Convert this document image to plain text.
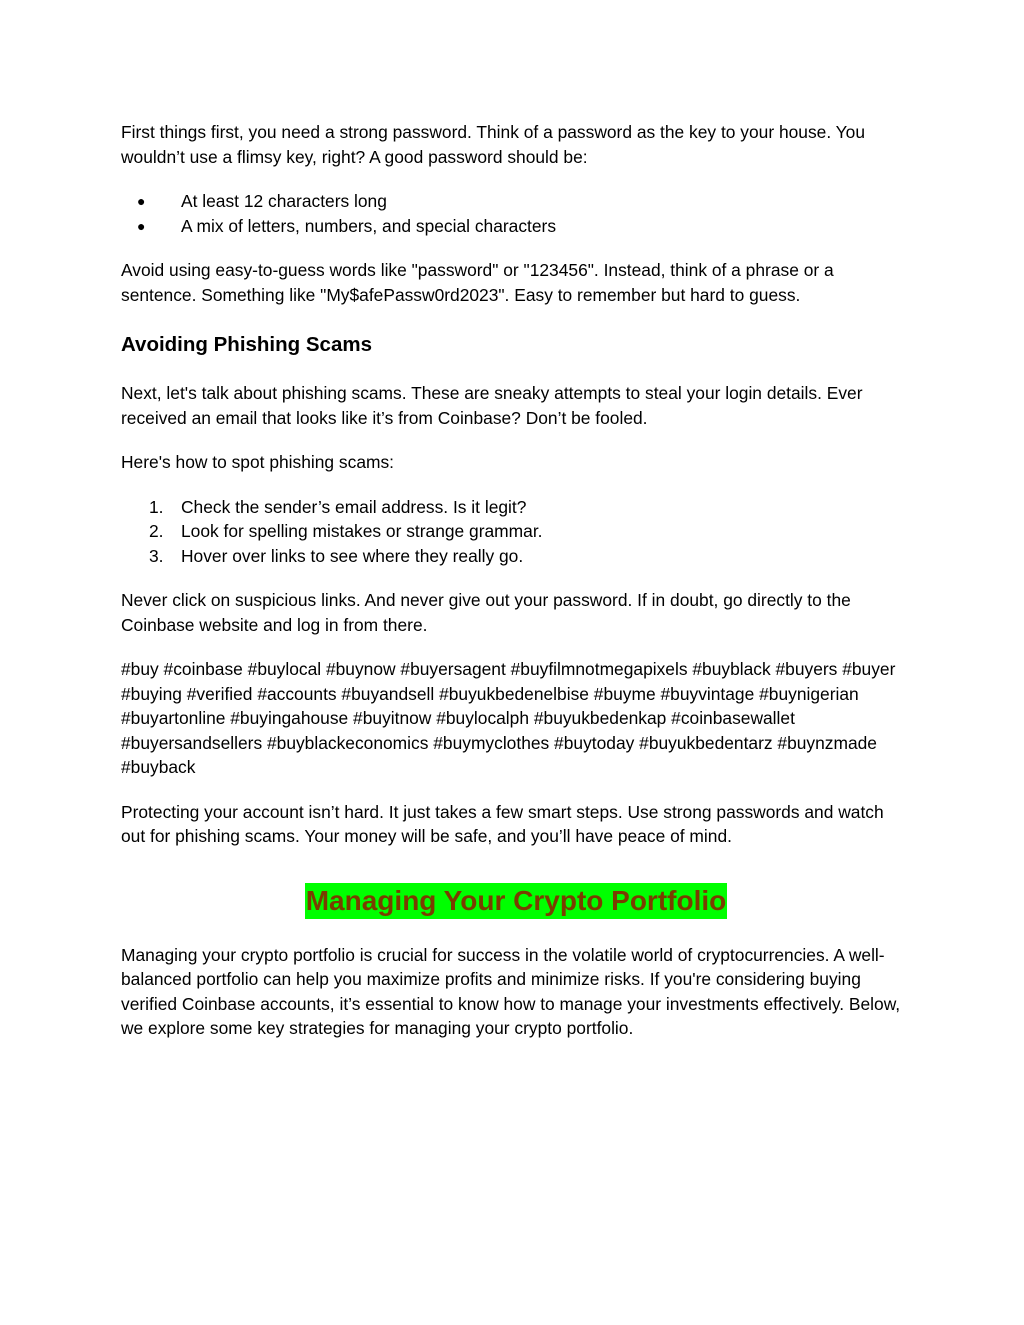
First things first, you need a strong password. Think of a password as the key to your house. You wouldn’t use a flimsy key, right? A good password should be:

● At least 12 characters long
● A mix of letters, numbers, and special characters

Avoid using easy-to-guess words like "password" or "123456". Instead, think of a phrase or a sentence. Something like "My$afePassw0rd2023". Easy to remember but hard to guess.

Avoiding Phishing Scams

Next, let's talk about phishing scams. These are sneaky attempts to steal your login details. Ever received an email that looks like it’s from Coinbase? Don’t be fooled.

Here's how to spot phishing scams:

1. Check the sender’s email address. Is it legit?
2. Look for spelling mistakes or strange grammar.
3. Hover over links to see where they really go.

Never click on suspicious links. And never give out your password. If in doubt, go directly to the Coinbase website and log in from there.

#buy #coinbase #buylocal #buynow #buyersagent #buyfilmnotmegapixels #buyblack #buyers #buyer #buying #verified #accounts #buyandsell #buyukbedenelbise #buyme #buyvintage #buynigerian #buyartonline #buyingahouse #buyitnow #buylocalph #buyukbedenkap #coinbasewallet #buyersandsellers #buyblackeconomics #buymyclothes #buytoday #buyukbedentarz #buynzmade #buyback

Protecting your account isn’t hard. It just takes a few smart steps. Use strong passwords and watch out for phishing scams. Your money will be safe, and you’ll have peace of mind.

Managing Your Crypto Portfolio

Managing your crypto portfolio is crucial for success in the volatile world of cryptocurrencies. A well-balanced portfolio can help you maximize profits and minimize risks. If you're considering buying verified Coinbase accounts, it’s essential to know how to manage your investments effectively. Below, we explore some key strategies for managing your crypto portfolio.
